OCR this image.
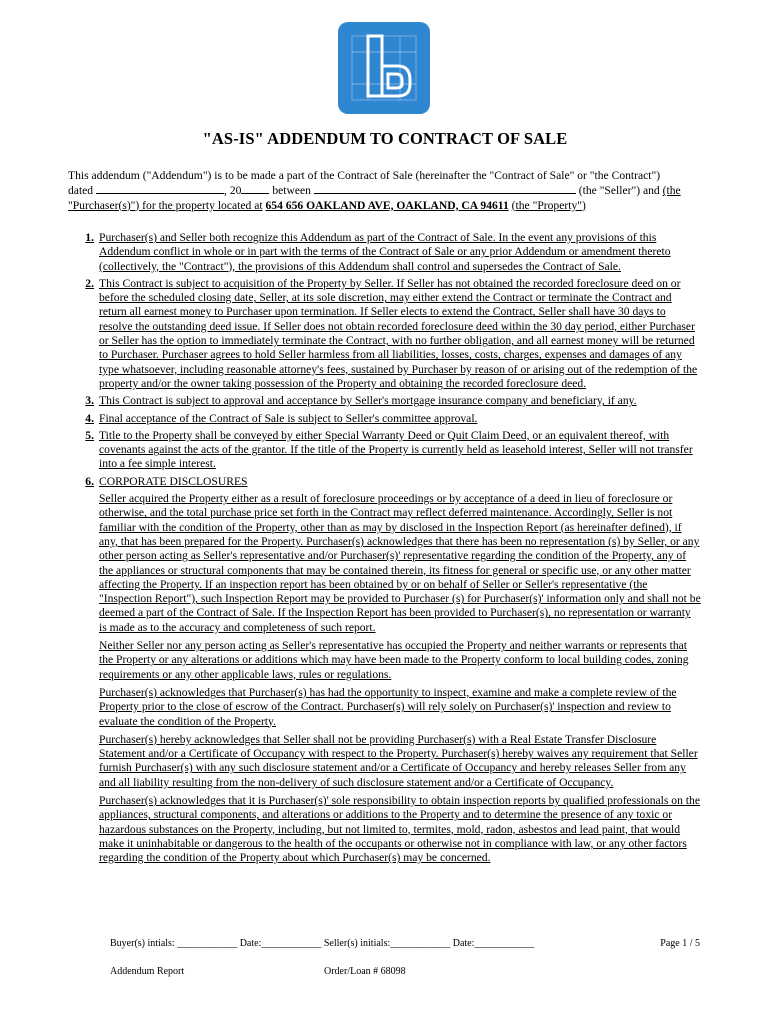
b
"AS-IS" ADDENDUM TO CONTRACT OF SALE

This addendum ("Addendum") is to be made a part of the Contract of Sale (hereinafter the "Contract of Sale" or "the Contract")

dated	, 20	between	(the "Seller") and (the

"Purchaser(s)") for the property located at 654 656 OAKLAND AVE, OAKLAND, CA 94611 (the "Property")

1. Purchaser(s) and Seller both recognize this Addendum as part of the Contract of Sale. In the event any provisions of this Addendum conflict in whole or in part with the terms of the Contract of Sale or any prior Addendum or amendment thereto (collectively, the "Contract"), the provisions of this Addendum shall control and supersedes the Contract of Sale.
2. This Contract is subject to acquisition of the Property by Seller. If Seller has not obtained the recorded foreclosure deed on or before the scheduled closing date, Seller, at its sole discretion, may either extend the Contract or terminate the Contract and return all earnest money to Purchaser upon termination. If Seller elects to extend the Contract, Seller shall have 30 days to resolve the outstanding deed issue. If Seller does not obtain recorded foreclosure deed within the 30 day period, either Purchaser or Seller has the option to immediately terminate the Contract, with no further obligation, and all earnest money will be returned to Purchaser. Purchaser agrees to hold Seller harmless from all liabilities, losses, costs, charges, expenses and damages of any type whatsoever, including reasonable attorney's fees, sustained by Purchaser by reason of or arising out of the redemption of the property and/or the owner taking possession of the Property and obtaining the recorded foreclosure deed.
3. This Contract is subject to approval and acceptance by Seller's mortgage insurance company and beneficiary, if any.
4. Final acceptance of the Contract of Sale is subject to Seller's committee approval.
5. Title to the Property shall be conveyed by either Special Warranty Deed or Quit Claim Deed, or an equivalent thereof, with covenants against the acts of the grantor. If the title of the Property is currently held as leasehold interest, Seller will not transfer into a fee simple interest.
6. CORPORATE DISCLOSURES
Seller acquired the Property either as a result of foreclosure proceedings or by acceptance of a deed in lieu of foreclosure or otherwise, and the total purchase price set forth in the Contract may reflect deferred maintenance. Accordingly, Seller is not familiar with the condition of the Property, other than as may by disclosed in the Inspection Report (as hereinafter defined), if any, that has been prepared for the Property. Purchaser(s) acknowledges that there has been no representation (s) by Seller, or any other person acting as Seller's representative and/or Purchaser(s)' representative regarding the condition of the Property, any of the appliances or structural components that may be contained therein, its fitness for general or specific use, or any other matter affecting the Property. If an inspection report has been obtained by or on behalf of Seller or Seller's representative (the "Inspection Report"), such Inspection Report may be provided to Purchaser (s) for Purchaser(s)' information only and shall not be deemed a part of the Contract of Sale. If the Inspection Report has been provided to Purchaser(s), no representation or warranty is made as to the accuracy and completeness of such report.
Neither Seller nor any person acting as Seller's representative has occupied the Property and neither warrants or represents that the Property or any alterations or additions which may have been made to the Property conform to local building codes, zoning requirements or any other applicable laws, rules or regulations.
Purchaser(s) acknowledges that Purchaser(s) has had the opportunity to inspect, examine and make a complete review of the Property prior to the close of escrow of the Contract. Purchaser(s) will rely solely on Purchaser(s)' inspection and review to evaluate the condition of the Property.
Purchaser(s) hereby acknowledges that Seller shall not be providing Purchaser(s) with a Real Estate Transfer Disclosure Statement and/or a Certificate of Occupancy with respect to the Property. Purchaser(s) hereby waives any requirement that Seller furnish Purchaser(s) with any such disclosure statement and/or a Certificate of Occupancy and hereby releases Seller from any and all liability resulting from the non-delivery of such disclosure statement and/or a Certificate of Occupancy.
Purchaser(s) acknowledges that it is Purchaser(s)' sole responsibility to obtain inspection reports by qualified professionals on the appliances, structural components, and alterations or additions to the Property and to determine the presence of any toxic or hazardous substances on the Property, including, but not limited to, termites, mold, radon, asbestos and lead paint, that would make it uninhabitable or dangerous to the health of the occupants or otherwise not in compliance with law, or any other factors regarding the condition of the Property about which Purchaser(s) may be concerned.
Buyer(s) intials: ____________ Date:____________ Seller(s) initials:____________ Date:____________	Page 1 / 5
Addendum Report	Order/Loan # 68098
